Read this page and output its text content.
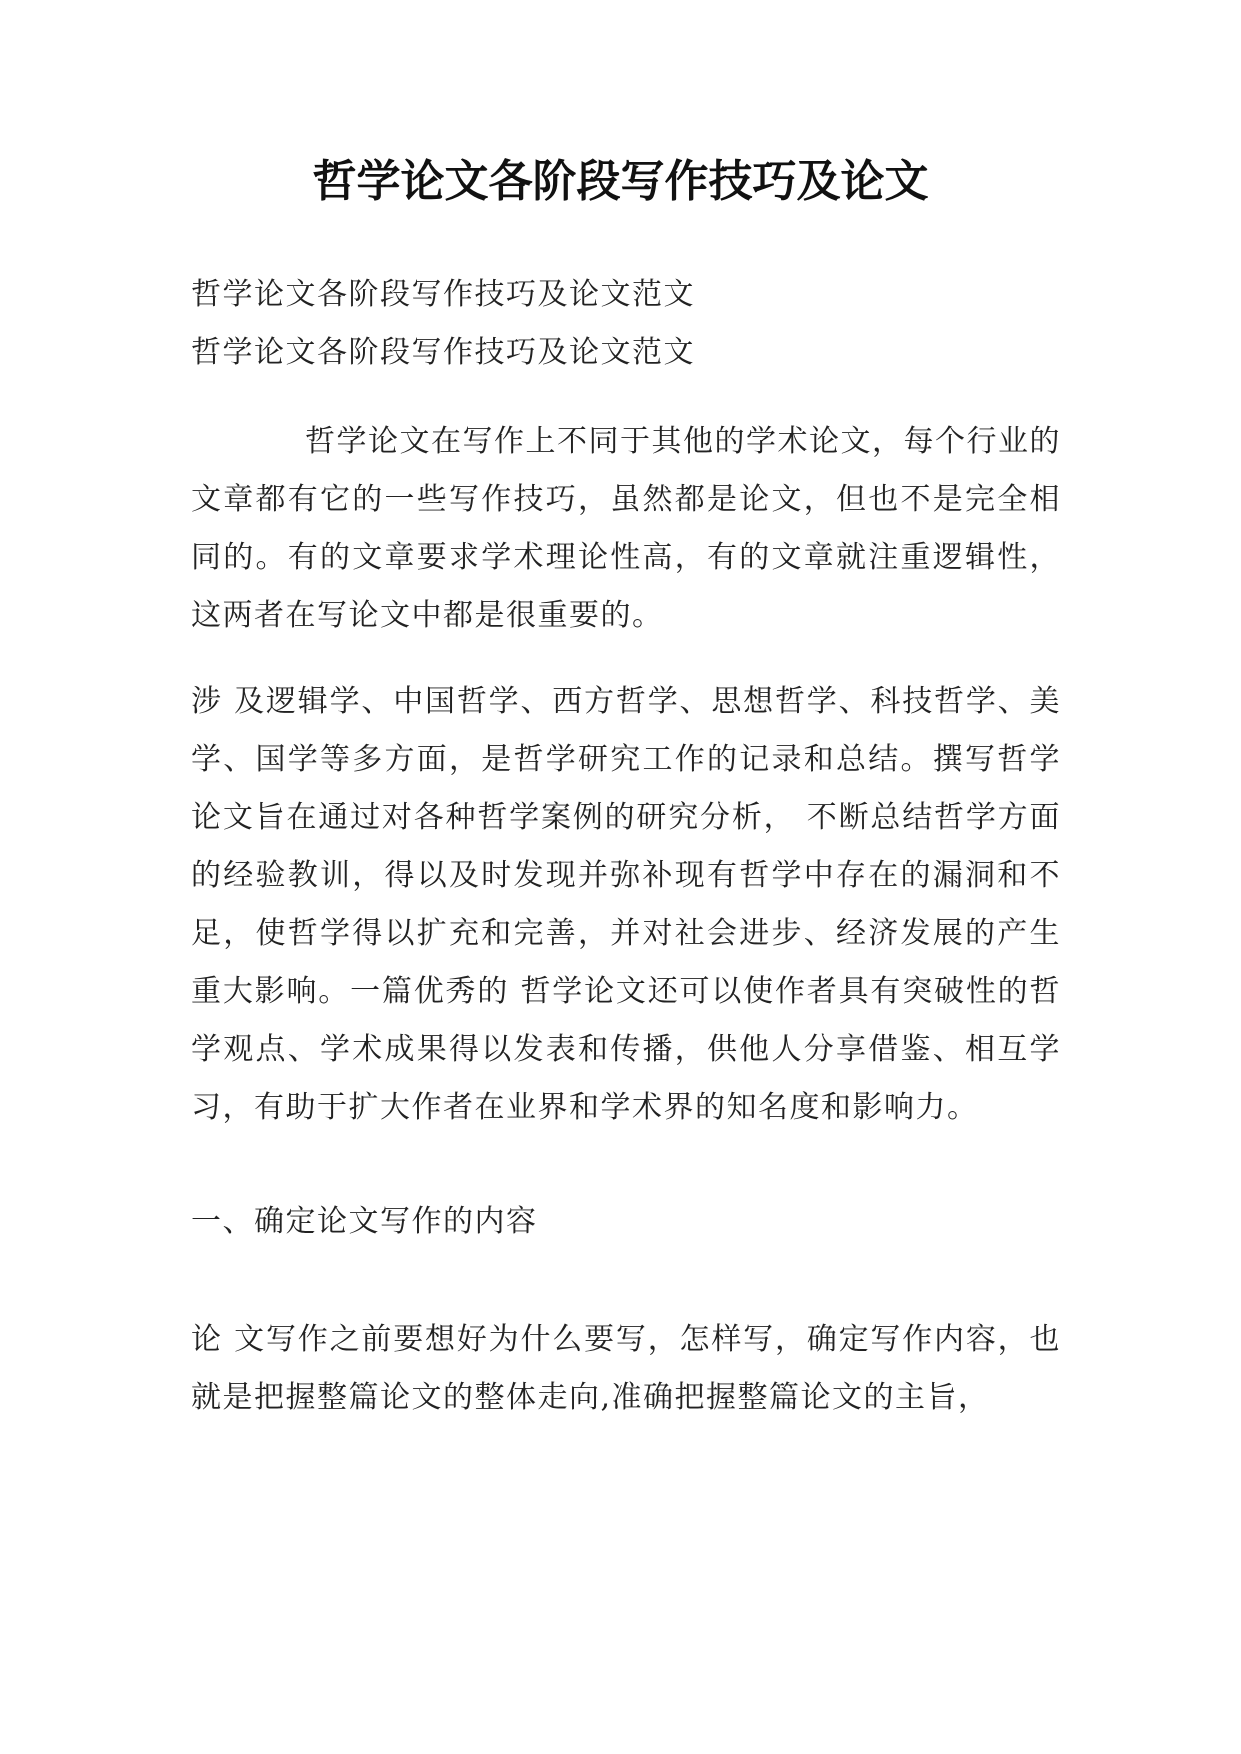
哲学论文各阶段写作技巧及论文
哲学论文各阶段写作技巧及论文范文
哲学论文各阶段写作技巧及论文范文

哲学论文在写作上不同于其他的学术论文，每个行业的文章都有它的一些写作技巧，虽然都是论文，但也不是完全相同的。有的文章要求学术理论性高，有的文章就注重逻辑性，这两者在写论文中都是很重要的。

涉 及逻辑学、中国哲学、西方哲学、思想哲学、科技哲学、美学、国学等多方面，是哲学研究工作的记录和总结。撰写哲学论文旨在通过对各种哲学案例的研究分析， 不断总结哲学方面的经验教训，得以及时发现并弥补现有哲学中存在的漏洞和不足，使哲学得以扩充和完善，并对社会进步、经济发展的产生重大影响。一篇优秀的 哲学论文还可以使作者具有突破性的哲学观点、学术成果得以发表和传播，供他人分享借鉴、相互学习，有助于扩大作者在业界和学术界的知名度和影响力。

一、确定论文写作的内容

论 文写作之前要想好为什么要写，怎样写，确定写作内容，也就是把握整篇论文的整体走向,准确把握整篇论文的主旨，
